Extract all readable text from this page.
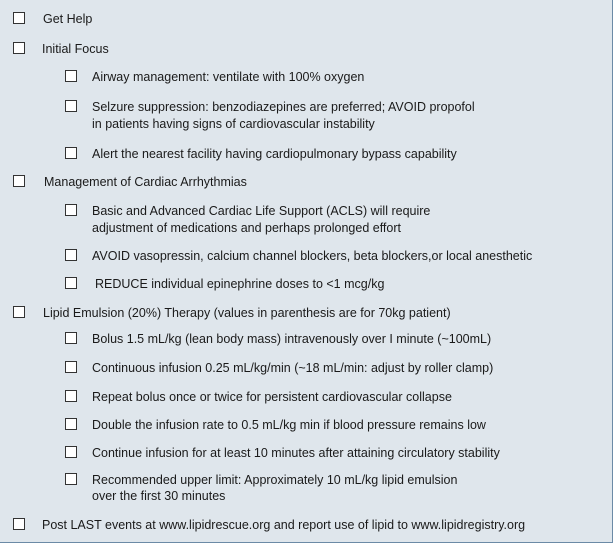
Get Help
Initial Focus
Airway management: ventilate with 100% oxygen
Selzure suppression: benzodiazepines are preferred; AVOID propofol
in patients having signs of cardiovascular instability
Alert the nearest facility having cardiopulmonary bypass capability
Management of Cardiac Arrhythmias
Basic and Advanced Cardiac Life Support (ACLS) will require
adjustment of medications and perhaps prolonged effort
AVOID vasopressin, calcium channel blockers, beta blockers,or local anesthetic
REDUCE individual epinephrine doses to <1 mcg/kg
Lipid Emulsion (20%) Therapy (values in parenthesis are for 70kg patient)
Bolus 1.5 mL/kg (lean body mass) intravenously over I minute (~100mL)
Continuous infusion 0.25 mL/kg/min (~18 mL/min: adjust by roller clamp)
Repeat bolus once or twice for persistent cardiovascular collapse
Double the infusion rate to 0.5 mL/kg min if blood pressure remains low
Continue infusion for at least 10 minutes after attaining circulatory stability
Recommended upper limit: Approximately 10 mL/kg lipid emulsion
over the first 30 minutes
Post LAST events at www.lipidrescue.org and report use of lipid to www.lipidregistry.org
